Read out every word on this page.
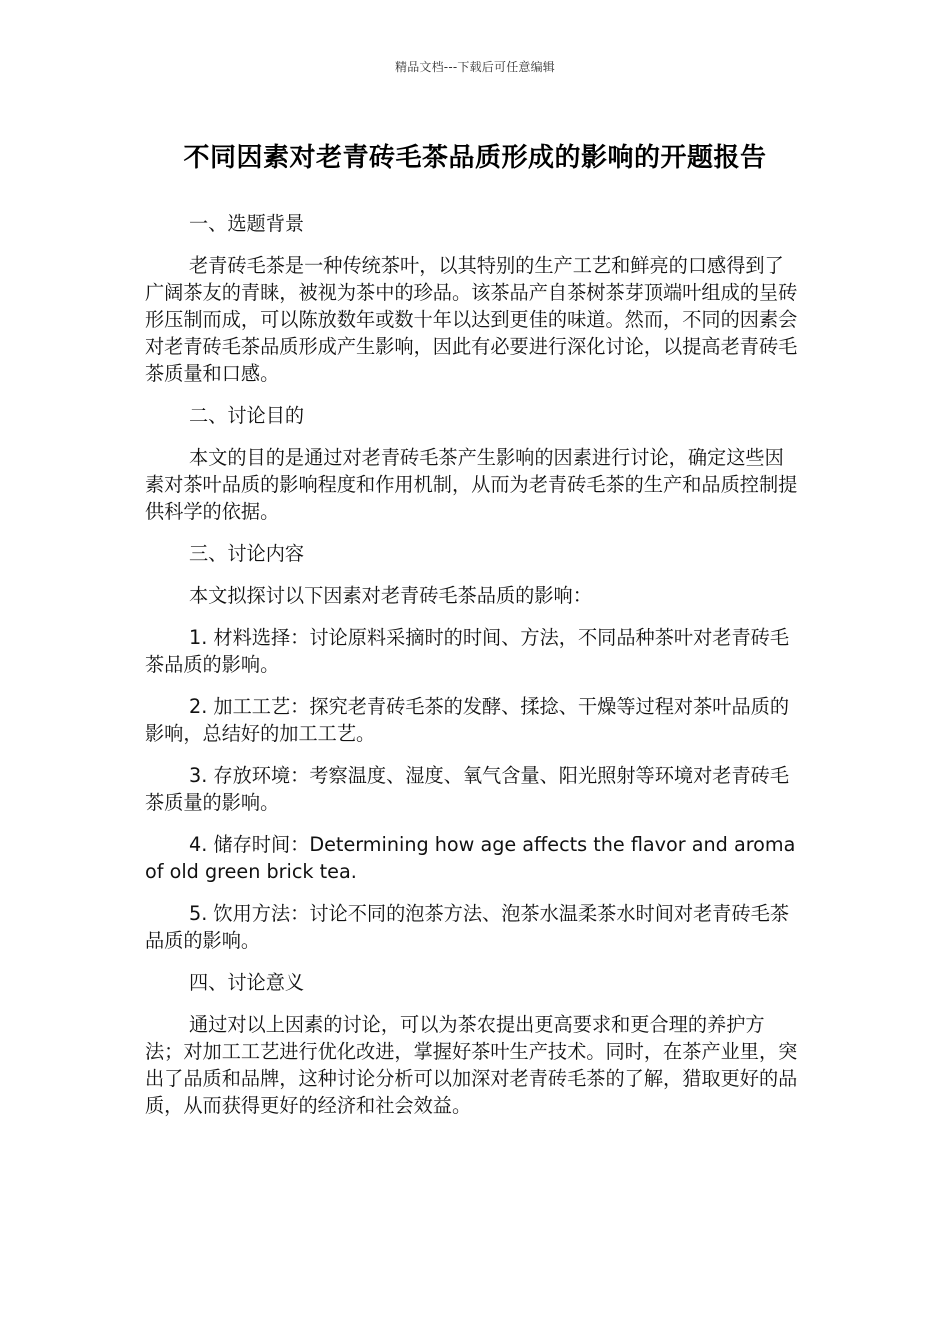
精品文档---下载后可任意编辑
不同因素对老青砖毛茶品质形成的影响的开题报告
一、选题背景
老青砖毛茶是一种传统茶叶，以其特别的生产工艺和鲜亮的口感得到了广阔茶友的青睐，被视为茶中的珍品。该茶品产自茶树茶芽顶端叶组成的呈砖形压制而成，可以陈放数年或数十年以达到更佳的味道。然而，不同的因素会对老青砖毛茶品质形成产生影响，因此有必要进行深化讨论，以提高老青砖毛茶质量和口感。
二、讨论目的
本文的目的是通过对老青砖毛茶产生影响的因素进行讨论，确定这些因素对茶叶品质的影响程度和作用机制，从而为老青砖毛茶的生产和品质控制提供科学的依据。
三、讨论内容
本文拟探讨以下因素对老青砖毛茶品质的影响：
1. 材料选择：讨论原料采摘时的时间、方法，不同品种茶叶对老青砖毛茶品质的影响。
2. 加工工艺：探究老青砖毛茶的发酵、揉捻、干燥等过程对茶叶品质的影响，总结好的加工工艺。
3. 存放环境：考察温度、湿度、氧气含量、阳光照射等环境对老青砖毛茶质量的影响。
4. 储存时间：Determining how age affects the flavor and aroma of old green brick tea.
5. 饮用方法：讨论不同的泡茶方法、泡茶水温柔茶水时间对老青砖毛茶品质的影响。
四、讨论意义
通过对以上因素的讨论，可以为茶农提出更高要求和更合理的养护方法；对加工工艺进行优化改进，掌握好茶叶生产技术。同时，在茶产业里，突出了品质和品牌，这种讨论分析可以加深对老青砖毛茶的了解，猎取更好的品质，从而获得更好的经济和社会效益。
